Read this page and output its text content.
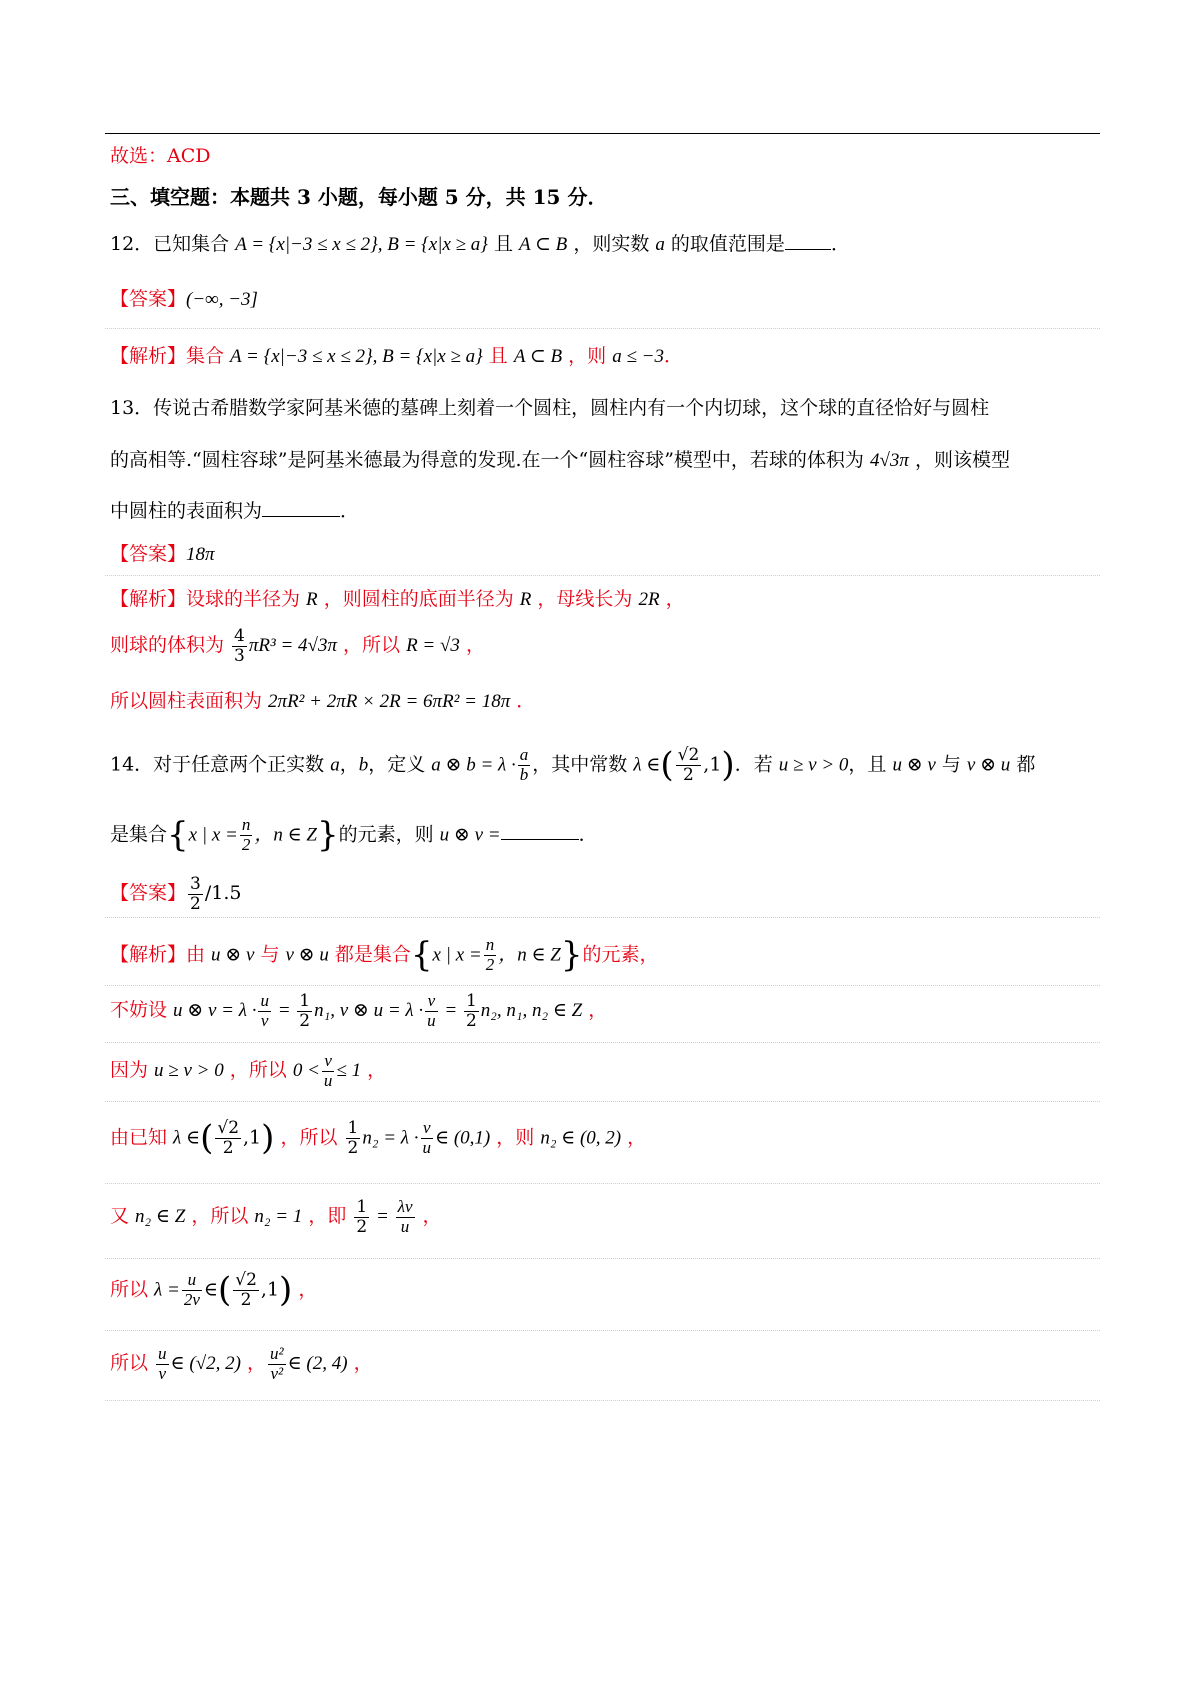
故选：ACD
三、填空题：本题共 3 小题，每小题 5 分，共 15 分．
12．已知集合 A = {x|−3 ≤ x ≤ 2}, B = {x|x ≥ a} 且 A ⊂ B ，则实数 a 的取值范围是 ．
【答案】(−∞, −3]
【解析】集合 A = {x|−3 ≤ x ≤ 2}, B = {x|x ≥ a} 且 A ⊂ B ，则 a ≤ −3．
13．传说古希腊数学家阿基米德的墓碑上刻着一个圆柱，圆柱内有一个内切球，这个球的直径恰好与圆柱
的高相等.“圆柱容球”是阿基米德最为得意的发现.在一个“圆柱容球”模型中，若球的体积为 4√3π ，则该模型
中圆柱的表面积为	．
【答案】18π
【解析】设球的半径为 R ，则圆柱的底面半径为 R ，母线长为 2R ，
则球的体积为 $\frac{4}{3} \pi R^3 = 4√3\pi$ ，所以 R = √3 ，
所以圆柱表面积为 2πR² + 2πR × 2R = 6πR² = 18π ．
14．对于任意两个正实数 a，b，定义 a ⊗ $b = \lambda \cdot \frac{a}{b}$ ，其中常数 λ ∈( $\frac{√2}{2} ,1$)．若 u ≥ v > 0，且 u ⊗ v 与 v ⊗ u 都
是集合{x | $x = \frac{n}{2}$ ，n ∈ Z}的元素，则 u ⊗ v =	．
【答案】 $\frac{3}{2} /1.5$
【解析】由 u ⊗ v 与 v ⊗ u 都是集合{x | $x = \frac{n}{2}$ ，n ∈ Z}的元素，
不妨设 u ⊗ $v = \lambda \cdot \frac{u}{v} = \frac{1}{2} n_1$, v ⊗ $u = \lambda \cdot \frac{v}{u} = \frac{1}{2} n_2$, n₁, n₂ ∈ Z ，
因为 u ≥ v > 0 ，所以 $0 < \frac{v}{u} \le 1$ ，
由已知 λ ∈( $\frac{√2}{2} ,1$) ，所以 $\frac{1}{2} n_2 = \lambda \cdot \frac{v}{u}$ ∈ (0,1) ，则 n₂ ∈ (0, 2) ，
又 n₂ ∈ Z ，所以 n₂ = 1 ，即 $\frac{1}{2} = \frac{\lambda v}{u}$ ，
所以 $\lambda = \frac{u}{2v}$ ∈( $\frac{√2}{2} ,1$) ，
所以 $\frac{u}{v}$ ∈ (√2, 2) ， $\frac{\text{u²}}{\text{v²}}$ ∈ (2, 4) ，
